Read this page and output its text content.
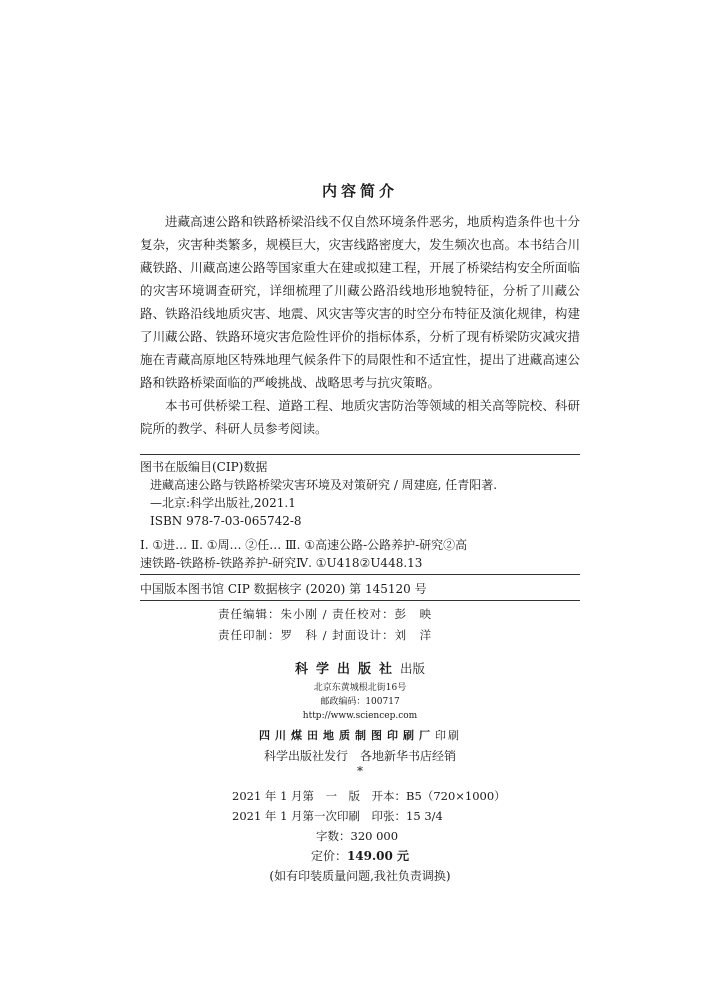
内容简介

进藏高速公路和铁路桥梁沿线不仅自然环境条件恶劣，地质构造条件也十分复杂，灾害种类繁多，规模巨大，灾害线路密度大，发生频次也高。本书结合川藏铁路、川藏高速公路等国家重大在建或拟建工程，开展了桥梁结构安全所面临的灾害环境调查研究，详细梳理了川藏公路沿线地形地貌特征，分析了川藏公路、铁路沿线地质灾害、地震、风灾害等灾害的时空分布特征及演化规律，构建了川藏公路、铁路环境灾害危险性评价的指标体系，分析了现有桥梁防灾减灾措施在青藏高原地区特殊地理气候条件下的局限性和不适宜性，提出了进藏高速公路和铁路桥梁面临的严峻挑战、战略思考与抗灾策略。

本书可供桥梁工程、道路工程、地质灾害防治等领域的相关高等院校、科研院所的教学、科研人员参考阅读。

图书在版编目(CIP)数据
进藏高速公路与铁路桥梁灾害环境及对策研究 / 周建庭, 任青阳著.
—北京:科学出版社,2021.1
ISBN 978-7-03-065742-8
Ⅰ. ①进… Ⅱ. ①周… ②任… Ⅲ. ①高速公路-公路养护-研究②高
速铁路-铁路桥-铁路养护-研究Ⅳ. ①U418②U448.13
中国版本图书馆 CIP 数据核字 (2020) 第 145120 号
责任编辑：朱小刚 / 责任校对：彭　映
责任印制：罗　科 / 封面设计：刘　洋
科学出版社出版
北京东黄城根北街16号
邮政编码：100717
http://www.sciencep.com
四川煤田地质制图印刷厂印刷
科学出版社发行　各地新华书店经销
*
2021 年 1 月第　一　版　开本：B5（720×1000）
2021 年 1 月第一次印刷　印张：15 3/4
字数：320 000
定价：149.00 元
(如有印装质量问题,我社负责调换)
